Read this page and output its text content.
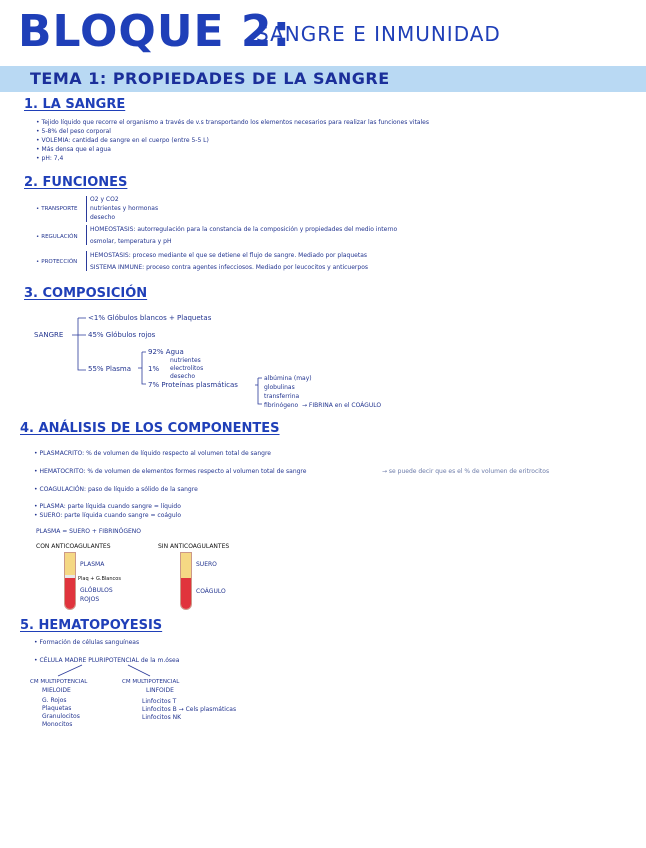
BLOQUE 2:
SANGRE E INMUNIDAD
TEMA 1: PROPIEDADES DE LA SANGRE
1. LA SANGRE
• Tejido líquido que recorre el organismo a través de v.s transportando los elementos necesarios para realizar las funciones vitales
• 5-8% del peso corporal
• VOLEMIA: cantidad de sangre en el cuerpo (entre 5-5 L)
• Más densa que el agua
• pH: 7,4
2. FUNCIONES
• TRANSPORTE
O2 y CO2
nutrientes y hormonas
desecho
• REGULACIÓN
HOMEOSTASIS: autorregulación para la constancia de la composición y propiedades del medio interno
osmolar, temperatura y pH
• PROTECCIÓN
HEMOSTASIS: proceso mediante el que se detiene el flujo de sangre. Mediado por plaquetas
SISTEMA INMUNE: proceso contra agentes infecciosos. Mediado por leucocitos y anticuerpos
3. COMPOSICIÓN
SANGRE
<1% Glóbulos blancos + Plaquetas
45% Glóbulos rojos
55% Plasma
92% Agua
1%
nutrientes
electrolitos
desecho
7% Proteínas plasmáticas
albúmina (may)
globulinas
transferrina
fibrinógeno → FIBRINA en el COÁGULO
4. ANÁLISIS DE LOS COMPONENTES
• PLASMACRITO: % de volumen de líquido respecto al volumen total de sangre
• HEMATOCRITO: % de volumen de elementos formes respecto al volumen total de sangre	→ se puede decir que es el % de volumen de eritrocitos
• COAGULACIÓN: paso de líquido a sólido de la sangre
• PLASMA: parte líquida cuando sangre = líquido
• SUERO: parte líquida cuando sangre = coágulo
PLASMA = SUERO + FIBRINÓGENO
CON ANTICOAGULANTES	SIN ANTICOAGULANTES
PLASMA
Plaq + G.Blancos
GLÓBULOS ROJOS
SUERO
COÁGULO
5. HEMATOPOYESIS
• Formación de células sanguíneas
• CÉLULA MADRE PLURIPOTENCIAL de la m.ósea
CM MULTIPOTENCIAL
MIELOIDE
G. Rojos
Plaquetas
Granulocitos
Monocitos
CM MULTIPOTENCIAL
LINFOIDE
Linfocitos T
Linfocitos B → Cels plasmáticas
Linfocitos NK
